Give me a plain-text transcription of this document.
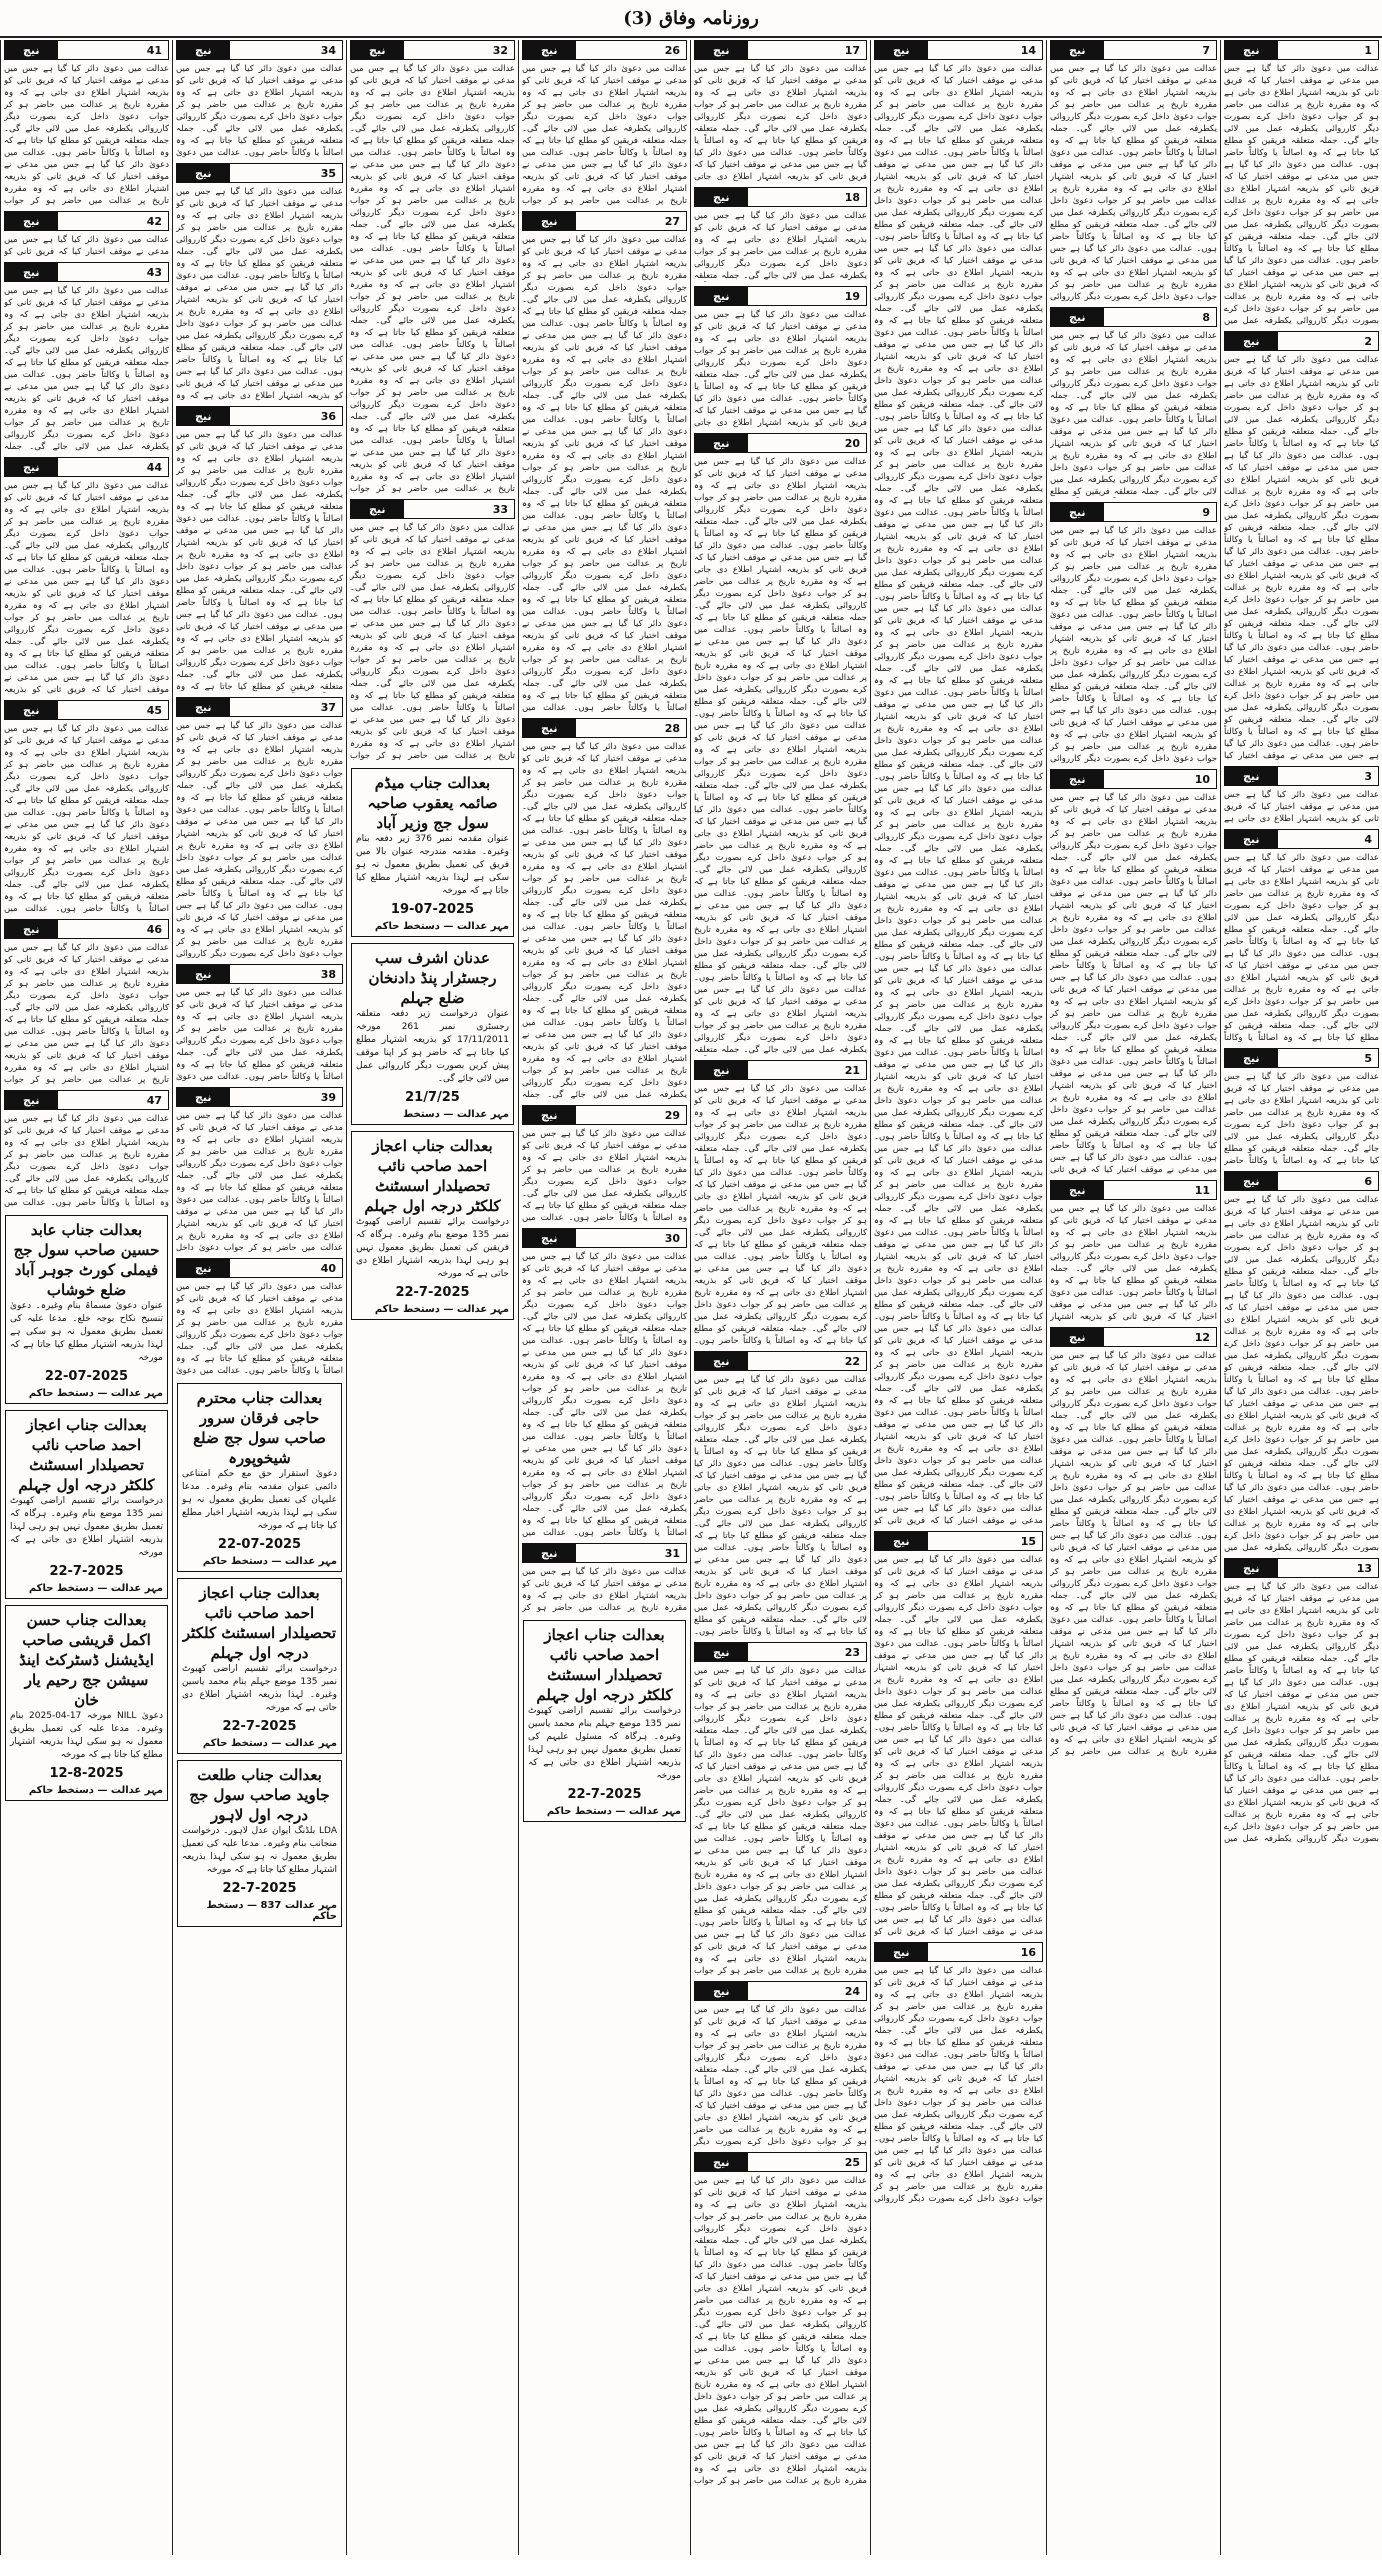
روزنامہ وفاق (3)
1
نیچ

عدالت میں دعویٰ دائر کیا گیا ہے جس میں مدعی نے موقف اختیار کیا کہ فریق ثانی کو بذریعہ اشتہار اطلاع دی جاتی ہے کہ وہ مقررہ تاریخ پر عدالت میں حاضر ہو کر جواب دعویٰ داخل کرے بصورت دیگر کارروائی یکطرفہ عمل میں لائی جائے گی۔ جملہ متعلقہ فریقین کو مطلع کیا جاتا ہے کہ وہ اصالتاً یا وکالتاً حاضر ہوں۔ عدالت میں دعویٰ دائر کیا گیا ہے جس میں مدعی نے موقف اختیار کیا کہ فریق ثانی کو بذریعہ اشتہار اطلاع دی جاتی ہے کہ وہ مقررہ تاریخ پر عدالت میں حاضر ہو کر جواب دعویٰ داخل کرے بصورت دیگر کارروائی یکطرفہ عمل میں لائی جائے گی۔ جملہ متعلقہ فریقین کو مطلع کیا جاتا ہے کہ وہ اصالتاً یا وکالتاً حاضر ہوں۔ عدالت میں دعویٰ دائر کیا گیا ہے جس میں مدعی نے موقف اختیار کیا کہ فریق ثانی کو بذریعہ اشتہار اطلاع دی جاتی ہے کہ وہ مقررہ تاریخ پر عدالت میں حاضر ہو کر جواب دعویٰ داخل کرے بصورت دیگر کارروائی یکطرفہ عمل میں

2
نیچ

عدالت میں دعویٰ دائر کیا گیا ہے جس میں مدعی نے موقف اختیار کیا کہ فریق ثانی کو بذریعہ اشتہار اطلاع دی جاتی ہے کہ وہ مقررہ تاریخ پر عدالت میں حاضر ہو کر جواب دعویٰ داخل کرے بصورت دیگر کارروائی یکطرفہ عمل میں لائی جائے گی۔ جملہ متعلقہ فریقین کو مطلع کیا جاتا ہے کہ وہ اصالتاً یا وکالتاً حاضر ہوں۔ عدالت میں دعویٰ دائر کیا گیا ہے جس میں مدعی نے موقف اختیار کیا کہ فریق ثانی کو بذریعہ اشتہار اطلاع دی جاتی ہے کہ وہ مقررہ تاریخ پر عدالت میں حاضر ہو کر جواب دعویٰ داخل کرے بصورت دیگر کارروائی یکطرفہ عمل میں لائی جائے گی۔ جملہ متعلقہ فریقین کو مطلع کیا جاتا ہے کہ وہ اصالتاً یا وکالتاً حاضر ہوں۔ عدالت میں دعویٰ دائر کیا گیا ہے جس میں مدعی نے موقف اختیار کیا کہ فریق ثانی کو بذریعہ اشتہار اطلاع دی جاتی ہے کہ وہ مقررہ تاریخ پر عدالت میں حاضر ہو کر جواب دعویٰ داخل کرے بصورت دیگر کارروائی یکطرفہ عمل میں لائی جائے گی۔ جملہ متعلقہ فریقین کو مطلع کیا جاتا ہے کہ وہ اصالتاً یا وکالتاً حاضر ہوں۔ عدالت میں دعویٰ دائر کیا گیا ہے جس میں مدعی نے موقف اختیار کیا کہ فریق ثانی کو بذریعہ اشتہار اطلاع دی جاتی ہے کہ وہ مقررہ تاریخ پر عدالت میں حاضر ہو کر جواب دعویٰ داخل کرے بصورت دیگر کارروائی یکطرفہ عمل میں لائی جائے گی۔ جملہ متعلقہ فریقین کو مطلع کیا جاتا ہے کہ وہ اصالتاً یا وکالتاً حاضر ہوں۔ عدالت میں دعویٰ دائر کیا گیا ہے جس میں مدعی نے موقف اختیار کیا

3
نیچ

عدالت میں دعویٰ دائر کیا گیا ہے جس میں مدعی نے موقف اختیار کیا کہ فریق ثانی کو بذریعہ اشتہار اطلاع دی جاتی ہے

4
نیچ

عدالت میں دعویٰ دائر کیا گیا ہے جس میں مدعی نے موقف اختیار کیا کہ فریق ثانی کو بذریعہ اشتہار اطلاع دی جاتی ہے کہ وہ مقررہ تاریخ پر عدالت میں حاضر ہو کر جواب دعویٰ داخل کرے بصورت دیگر کارروائی یکطرفہ عمل میں لائی جائے گی۔ جملہ متعلقہ فریقین کو مطلع کیا جاتا ہے کہ وہ اصالتاً یا وکالتاً حاضر ہوں۔ عدالت میں دعویٰ دائر کیا گیا ہے جس میں مدعی نے موقف اختیار کیا کہ فریق ثانی کو بذریعہ اشتہار اطلاع دی جاتی ہے کہ وہ مقررہ تاریخ پر عدالت میں حاضر ہو کر جواب دعویٰ داخل کرے بصورت دیگر کارروائی یکطرفہ عمل میں لائی جائے گی۔ جملہ متعلقہ فریقین کو مطلع کیا جاتا ہے کہ وہ اصالتاً یا وکالتاً

5
نیچ

عدالت میں دعویٰ دائر کیا گیا ہے جس میں مدعی نے موقف اختیار کیا کہ فریق ثانی کو بذریعہ اشتہار اطلاع دی جاتی ہے کہ وہ مقررہ تاریخ پر عدالت میں حاضر ہو کر جواب دعویٰ داخل کرے بصورت دیگر کارروائی یکطرفہ عمل میں لائی جائے گی۔ جملہ متعلقہ فریقین کو مطلع کیا جاتا ہے کہ وہ اصالتاً یا وکالتاً حاضر

6
نیچ

عدالت میں دعویٰ دائر کیا گیا ہے جس میں مدعی نے موقف اختیار کیا کہ فریق ثانی کو بذریعہ اشتہار اطلاع دی جاتی ہے کہ وہ مقررہ تاریخ پر عدالت میں حاضر ہو کر جواب دعویٰ داخل کرے بصورت دیگر کارروائی یکطرفہ عمل میں لائی جائے گی۔ جملہ متعلقہ فریقین کو مطلع کیا جاتا ہے کہ وہ اصالتاً یا وکالتاً حاضر ہوں۔ عدالت میں دعویٰ دائر کیا گیا ہے جس میں مدعی نے موقف اختیار کیا کہ فریق ثانی کو بذریعہ اشتہار اطلاع دی جاتی ہے کہ وہ مقررہ تاریخ پر عدالت میں حاضر ہو کر جواب دعویٰ داخل کرے بصورت دیگر کارروائی یکطرفہ عمل میں لائی جائے گی۔ جملہ متعلقہ فریقین کو مطلع کیا جاتا ہے کہ وہ اصالتاً یا وکالتاً حاضر ہوں۔ عدالت میں دعویٰ دائر کیا گیا ہے جس میں مدعی نے موقف اختیار کیا کہ فریق ثانی کو بذریعہ اشتہار اطلاع دی جاتی ہے کہ وہ مقررہ تاریخ پر عدالت میں حاضر ہو کر جواب دعویٰ داخل کرے بصورت دیگر کارروائی یکطرفہ عمل میں لائی جائے گی۔ جملہ متعلقہ فریقین کو مطلع کیا جاتا ہے کہ وہ اصالتاً یا وکالتاً حاضر ہوں۔ عدالت میں دعویٰ دائر کیا گیا ہے جس میں مدعی نے موقف اختیار کیا کہ فریق ثانی کو بذریعہ اشتہار اطلاع دی جاتی ہے کہ وہ مقررہ تاریخ پر عدالت میں حاضر ہو کر جواب دعویٰ داخل کرے بصورت دیگر کارروائی یکطرفہ عمل میں

13
نیچ

عدالت میں دعویٰ دائر کیا گیا ہے جس میں مدعی نے موقف اختیار کیا کہ فریق ثانی کو بذریعہ اشتہار اطلاع دی جاتی ہے کہ وہ مقررہ تاریخ پر عدالت میں حاضر ہو کر جواب دعویٰ داخل کرے بصورت دیگر کارروائی یکطرفہ عمل میں لائی جائے گی۔ جملہ متعلقہ فریقین کو مطلع کیا جاتا ہے کہ وہ اصالتاً یا وکالتاً حاضر ہوں۔ عدالت میں دعویٰ دائر کیا گیا ہے جس میں مدعی نے موقف اختیار کیا کہ فریق ثانی کو بذریعہ اشتہار اطلاع دی جاتی ہے کہ وہ مقررہ تاریخ پر عدالت میں حاضر ہو کر جواب دعویٰ داخل کرے بصورت دیگر کارروائی یکطرفہ عمل میں لائی جائے گی۔ جملہ متعلقہ فریقین کو مطلع کیا جاتا ہے کہ وہ اصالتاً یا وکالتاً حاضر ہوں۔ عدالت میں دعویٰ دائر کیا گیا ہے جس میں مدعی نے موقف اختیار کیا کہ فریق ثانی کو بذریعہ اشتہار اطلاع دی جاتی ہے کہ وہ مقررہ تاریخ پر عدالت میں حاضر ہو کر جواب دعویٰ داخل کرے بصورت دیگر کارروائی یکطرفہ عمل میں

7
نیچ

عدالت میں دعویٰ دائر کیا گیا ہے جس میں مدعی نے موقف اختیار کیا کہ فریق ثانی کو بذریعہ اشتہار اطلاع دی جاتی ہے کہ وہ مقررہ تاریخ پر عدالت میں حاضر ہو کر جواب دعویٰ داخل کرے بصورت دیگر کارروائی یکطرفہ عمل میں لائی جائے گی۔ جملہ متعلقہ فریقین کو مطلع کیا جاتا ہے کہ وہ اصالتاً یا وکالتاً حاضر ہوں۔ عدالت میں دعویٰ دائر کیا گیا ہے جس میں مدعی نے موقف اختیار کیا کہ فریق ثانی کو بذریعہ اشتہار اطلاع دی جاتی ہے کہ وہ مقررہ تاریخ پر عدالت میں حاضر ہو کر جواب دعویٰ داخل کرے بصورت دیگر کارروائی یکطرفہ عمل میں لائی جائے گی۔ جملہ متعلقہ فریقین کو مطلع کیا جاتا ہے کہ وہ اصالتاً یا وکالتاً حاضر ہوں۔ عدالت میں دعویٰ دائر کیا گیا ہے جس میں مدعی نے موقف اختیار کیا کہ فریق ثانی کو بذریعہ اشتہار اطلاع دی جاتی ہے کہ وہ مقررہ تاریخ پر عدالت میں حاضر ہو کر جواب دعویٰ داخل کرے بصورت دیگر کارروائی

8
نیچ

عدالت میں دعویٰ دائر کیا گیا ہے جس میں مدعی نے موقف اختیار کیا کہ فریق ثانی کو بذریعہ اشتہار اطلاع دی جاتی ہے کہ وہ مقررہ تاریخ پر عدالت میں حاضر ہو کر جواب دعویٰ داخل کرے بصورت دیگر کارروائی یکطرفہ عمل میں لائی جائے گی۔ جملہ متعلقہ فریقین کو مطلع کیا جاتا ہے کہ وہ اصالتاً یا وکالتاً حاضر ہوں۔ عدالت میں دعویٰ دائر کیا گیا ہے جس میں مدعی نے موقف اختیار کیا کہ فریق ثانی کو بذریعہ اشتہار اطلاع دی جاتی ہے کہ وہ مقررہ تاریخ پر عدالت میں حاضر ہو کر جواب دعویٰ داخل کرے بصورت دیگر کارروائی یکطرفہ عمل میں لائی جائے گی۔ جملہ متعلقہ فریقین کو مطلع

9
نیچ

عدالت میں دعویٰ دائر کیا گیا ہے جس میں مدعی نے موقف اختیار کیا کہ فریق ثانی کو بذریعہ اشتہار اطلاع دی جاتی ہے کہ وہ مقررہ تاریخ پر عدالت میں حاضر ہو کر جواب دعویٰ داخل کرے بصورت دیگر کارروائی یکطرفہ عمل میں لائی جائے گی۔ جملہ متعلقہ فریقین کو مطلع کیا جاتا ہے کہ وہ اصالتاً یا وکالتاً حاضر ہوں۔ عدالت میں دعویٰ دائر کیا گیا ہے جس میں مدعی نے موقف اختیار کیا کہ فریق ثانی کو بذریعہ اشتہار اطلاع دی جاتی ہے کہ وہ مقررہ تاریخ پر عدالت میں حاضر ہو کر جواب دعویٰ داخل کرے بصورت دیگر کارروائی یکطرفہ عمل میں لائی جائے گی۔ جملہ متعلقہ فریقین کو مطلع کیا جاتا ہے کہ وہ اصالتاً یا وکالتاً حاضر ہوں۔ عدالت میں دعویٰ دائر کیا گیا ہے جس میں مدعی نے موقف اختیار کیا کہ فریق ثانی کو بذریعہ اشتہار اطلاع دی جاتی ہے کہ وہ مقررہ تاریخ پر عدالت میں حاضر ہو کر جواب دعویٰ داخل کرے بصورت دیگر کارروائی

10
نیچ

عدالت میں دعویٰ دائر کیا گیا ہے جس میں مدعی نے موقف اختیار کیا کہ فریق ثانی کو بذریعہ اشتہار اطلاع دی جاتی ہے کہ وہ مقررہ تاریخ پر عدالت میں حاضر ہو کر جواب دعویٰ داخل کرے بصورت دیگر کارروائی یکطرفہ عمل میں لائی جائے گی۔ جملہ متعلقہ فریقین کو مطلع کیا جاتا ہے کہ وہ اصالتاً یا وکالتاً حاضر ہوں۔ عدالت میں دعویٰ دائر کیا گیا ہے جس میں مدعی نے موقف اختیار کیا کہ فریق ثانی کو بذریعہ اشتہار اطلاع دی جاتی ہے کہ وہ مقررہ تاریخ پر عدالت میں حاضر ہو کر جواب دعویٰ داخل کرے بصورت دیگر کارروائی یکطرفہ عمل میں لائی جائے گی۔ جملہ متعلقہ فریقین کو مطلع کیا جاتا ہے کہ وہ اصالتاً یا وکالتاً حاضر ہوں۔ عدالت میں دعویٰ دائر کیا گیا ہے جس میں مدعی نے موقف اختیار کیا کہ فریق ثانی کو بذریعہ اشتہار اطلاع دی جاتی ہے کہ وہ مقررہ تاریخ پر عدالت میں حاضر ہو کر جواب دعویٰ داخل کرے بصورت دیگر کارروائی یکطرفہ عمل میں لائی جائے گی۔ جملہ متعلقہ فریقین کو مطلع کیا جاتا ہے کہ وہ اصالتاً یا وکالتاً حاضر ہوں۔ عدالت میں دعویٰ دائر کیا گیا ہے جس میں مدعی نے موقف اختیار کیا کہ فریق ثانی کو بذریعہ اشتہار اطلاع دی جاتی ہے کہ وہ مقررہ تاریخ پر عدالت میں حاضر ہو کر جواب دعویٰ داخل کرے بصورت دیگر کارروائی یکطرفہ عمل میں لائی جائے گی۔ جملہ متعلقہ فریقین کو مطلع کیا جاتا ہے کہ وہ اصالتاً یا وکالتاً حاضر ہوں۔ عدالت میں دعویٰ دائر کیا گیا ہے جس میں مدعی نے موقف اختیار کیا کہ فریق ثانی

11
نیچ

عدالت میں دعویٰ دائر کیا گیا ہے جس میں مدعی نے موقف اختیار کیا کہ فریق ثانی کو بذریعہ اشتہار اطلاع دی جاتی ہے کہ وہ مقررہ تاریخ پر عدالت میں حاضر ہو کر جواب دعویٰ داخل کرے بصورت دیگر کارروائی یکطرفہ عمل میں لائی جائے گی۔ جملہ متعلقہ فریقین کو مطلع کیا جاتا ہے کہ وہ اصالتاً یا وکالتاً حاضر ہوں۔ عدالت میں دعویٰ دائر کیا گیا ہے جس میں مدعی نے موقف اختیار کیا کہ فریق ثانی کو بذریعہ اشتہار

12
نیچ

عدالت میں دعویٰ دائر کیا گیا ہے جس میں مدعی نے موقف اختیار کیا کہ فریق ثانی کو بذریعہ اشتہار اطلاع دی جاتی ہے کہ وہ مقررہ تاریخ پر عدالت میں حاضر ہو کر جواب دعویٰ داخل کرے بصورت دیگر کارروائی یکطرفہ عمل میں لائی جائے گی۔ جملہ متعلقہ فریقین کو مطلع کیا جاتا ہے کہ وہ اصالتاً یا وکالتاً حاضر ہوں۔ عدالت میں دعویٰ دائر کیا گیا ہے جس میں مدعی نے موقف اختیار کیا کہ فریق ثانی کو بذریعہ اشتہار اطلاع دی جاتی ہے کہ وہ مقررہ تاریخ پر عدالت میں حاضر ہو کر جواب دعویٰ داخل کرے بصورت دیگر کارروائی یکطرفہ عمل میں لائی جائے گی۔ جملہ متعلقہ فریقین کو مطلع کیا جاتا ہے کہ وہ اصالتاً یا وکالتاً حاضر ہوں۔ عدالت میں دعویٰ دائر کیا گیا ہے جس میں مدعی نے موقف اختیار کیا کہ فریق ثانی کو بذریعہ اشتہار اطلاع دی جاتی ہے کہ وہ مقررہ تاریخ پر عدالت میں حاضر ہو کر جواب دعویٰ داخل کرے بصورت دیگر کارروائی یکطرفہ عمل میں لائی جائے گی۔ جملہ متعلقہ فریقین کو مطلع کیا جاتا ہے کہ وہ اصالتاً یا وکالتاً حاضر ہوں۔ عدالت میں دعویٰ دائر کیا گیا ہے جس میں مدعی نے موقف اختیار کیا کہ فریق ثانی کو بذریعہ اشتہار اطلاع دی جاتی ہے کہ وہ مقررہ تاریخ پر عدالت میں حاضر ہو کر جواب دعویٰ داخل کرے بصورت دیگر کارروائی یکطرفہ عمل میں لائی جائے گی۔ جملہ متعلقہ فریقین کو مطلع کیا جاتا ہے کہ وہ اصالتاً یا وکالتاً حاضر ہوں۔ عدالت میں دعویٰ دائر کیا گیا ہے جس میں مدعی نے موقف اختیار کیا کہ فریق ثانی کو بذریعہ اشتہار اطلاع دی جاتی ہے کہ وہ مقررہ تاریخ پر عدالت میں حاضر ہو کر

14
نیچ

عدالت میں دعویٰ دائر کیا گیا ہے جس میں مدعی نے موقف اختیار کیا کہ فریق ثانی کو بذریعہ اشتہار اطلاع دی جاتی ہے کہ وہ مقررہ تاریخ پر عدالت میں حاضر ہو کر جواب دعویٰ داخل کرے بصورت دیگر کارروائی یکطرفہ عمل میں لائی جائے گی۔ جملہ متعلقہ فریقین کو مطلع کیا جاتا ہے کہ وہ اصالتاً یا وکالتاً حاضر ہوں۔ عدالت میں دعویٰ دائر کیا گیا ہے جس میں مدعی نے موقف اختیار کیا کہ فریق ثانی کو بذریعہ اشتہار اطلاع دی جاتی ہے کہ وہ مقررہ تاریخ پر عدالت میں حاضر ہو کر جواب دعویٰ داخل کرے بصورت دیگر کارروائی یکطرفہ عمل میں لائی جائے گی۔ جملہ متعلقہ فریقین کو مطلع کیا جاتا ہے کہ وہ اصالتاً یا وکالتاً حاضر ہوں۔ عدالت میں دعویٰ دائر کیا گیا ہے جس میں مدعی نے موقف اختیار کیا کہ فریق ثانی کو بذریعہ اشتہار اطلاع دی جاتی ہے کہ وہ مقررہ تاریخ پر عدالت میں حاضر ہو کر جواب دعویٰ داخل کرے بصورت دیگر کارروائی یکطرفہ عمل میں لائی جائے گی۔ جملہ متعلقہ فریقین کو مطلع کیا جاتا ہے کہ وہ اصالتاً یا وکالتاً حاضر ہوں۔ عدالت میں دعویٰ دائر کیا گیا ہے جس میں مدعی نے موقف اختیار کیا کہ فریق ثانی کو بذریعہ اشتہار اطلاع دی جاتی ہے کہ وہ مقررہ تاریخ پر عدالت میں حاضر ہو کر جواب دعویٰ داخل کرے بصورت دیگر کارروائی یکطرفہ عمل میں لائی جائے گی۔ جملہ متعلقہ فریقین کو مطلع کیا جاتا ہے کہ وہ اصالتاً یا وکالتاً حاضر ہوں۔ عدالت میں دعویٰ دائر کیا گیا ہے جس میں مدعی نے موقف اختیار کیا کہ فریق ثانی کو بذریعہ اشتہار اطلاع دی جاتی ہے کہ وہ مقررہ تاریخ پر عدالت میں حاضر ہو کر جواب دعویٰ داخل کرے بصورت دیگر کارروائی یکطرفہ عمل میں لائی جائے گی۔ جملہ متعلقہ فریقین کو مطلع کیا جاتا ہے کہ وہ اصالتاً یا وکالتاً حاضر ہوں۔ عدالت میں دعویٰ دائر کیا گیا ہے جس میں مدعی نے موقف اختیار کیا کہ فریق ثانی کو بذریعہ اشتہار اطلاع دی جاتی ہے کہ وہ مقررہ تاریخ پر عدالت میں حاضر ہو کر جواب دعویٰ داخل کرے بصورت دیگر کارروائی یکطرفہ عمل میں لائی جائے گی۔ جملہ متعلقہ فریقین کو مطلع کیا جاتا ہے کہ وہ اصالتاً یا وکالتاً حاضر ہوں۔ عدالت میں دعویٰ دائر کیا گیا ہے جس میں مدعی نے موقف اختیار کیا کہ فریق ثانی کو بذریعہ اشتہار اطلاع دی جاتی ہے کہ وہ مقررہ تاریخ پر عدالت میں حاضر ہو کر جواب دعویٰ داخل کرے بصورت دیگر کارروائی یکطرفہ عمل میں لائی جائے گی۔ جملہ متعلقہ فریقین کو مطلع کیا جاتا ہے کہ وہ اصالتاً یا وکالتاً حاضر ہوں۔ عدالت میں دعویٰ دائر کیا گیا ہے جس میں مدعی نے موقف اختیار کیا کہ فریق ثانی کو بذریعہ اشتہار اطلاع دی جاتی ہے کہ وہ مقررہ تاریخ پر عدالت میں حاضر ہو کر جواب دعویٰ داخل کرے بصورت دیگر کارروائی یکطرفہ عمل میں لائی جائے گی۔ جملہ متعلقہ فریقین کو مطلع کیا جاتا ہے کہ وہ اصالتاً یا وکالتاً حاضر ہوں۔ عدالت میں دعویٰ دائر کیا گیا ہے جس میں مدعی نے موقف اختیار کیا کہ فریق ثانی کو بذریعہ اشتہار اطلاع دی جاتی ہے کہ وہ مقررہ تاریخ پر عدالت میں حاضر ہو کر جواب دعویٰ داخل کرے بصورت دیگر کارروائی یکطرفہ عمل میں لائی جائے گی۔ جملہ متعلقہ فریقین کو مطلع کیا جاتا ہے کہ وہ اصالتاً یا وکالتاً حاضر ہوں۔ عدالت میں دعویٰ دائر کیا گیا ہے جس میں مدعی نے موقف اختیار کیا کہ فریق ثانی کو بذریعہ اشتہار اطلاع دی جاتی ہے کہ وہ مقررہ تاریخ پر عدالت میں حاضر ہو کر جواب دعویٰ داخل کرے بصورت دیگر کارروائی یکطرفہ عمل میں لائی جائے گی۔ جملہ متعلقہ فریقین کو مطلع کیا جاتا ہے کہ وہ اصالتاً یا وکالتاً حاضر ہوں۔ عدالت میں دعویٰ دائر کیا گیا ہے جس میں مدعی نے موقف اختیار کیا کہ فریق ثانی کو بذریعہ اشتہار اطلاع دی جاتی ہے کہ وہ مقررہ تاریخ پر عدالت میں حاضر ہو کر جواب دعویٰ داخل کرے بصورت دیگر کارروائی یکطرفہ عمل میں لائی جائے گی۔ جملہ متعلقہ فریقین کو مطلع کیا جاتا ہے کہ وہ اصالتاً یا وکالتاً حاضر ہوں۔ عدالت میں دعویٰ دائر کیا گیا ہے جس میں مدعی نے موقف اختیار کیا کہ فریق ثانی کو بذریعہ اشتہار اطلاع دی جاتی ہے کہ وہ مقررہ تاریخ پر عدالت میں حاضر ہو کر جواب دعویٰ داخل کرے بصورت دیگر کارروائی یکطرفہ عمل میں لائی جائے گی۔ جملہ متعلقہ فریقین کو مطلع کیا جاتا ہے کہ وہ اصالتاً یا وکالتاً حاضر ہوں۔ عدالت میں دعویٰ دائر کیا گیا ہے جس میں مدعی نے موقف اختیار کیا کہ فریق ثانی کو بذریعہ اشتہار اطلاع دی جاتی ہے کہ وہ مقررہ تاریخ پر عدالت میں حاضر ہو کر جواب دعویٰ داخل کرے بصورت دیگر کارروائی یکطرفہ عمل میں لائی جائے گی۔ جملہ متعلقہ فریقین کو مطلع کیا جاتا ہے کہ وہ اصالتاً یا وکالتاً حاضر ہوں۔ عدالت میں دعویٰ دائر کیا گیا ہے جس میں مدعی نے موقف اختیار کیا کہ فریق ثانی کو بذریعہ اشتہار اطلاع دی جاتی ہے کہ وہ مقررہ تاریخ پر عدالت میں حاضر ہو کر جواب دعویٰ داخل کرے بصورت دیگر کارروائی یکطرفہ عمل میں لائی جائے گی۔ جملہ متعلقہ فریقین کو مطلع کیا جاتا ہے کہ وہ اصالتاً یا وکالتاً حاضر ہوں۔ عدالت میں دعویٰ دائر کیا گیا ہے جس میں مدعی نے موقف اختیار کیا کہ فریق ثانی کو بذریعہ اشتہار اطلاع دی جاتی ہے کہ وہ مقررہ تاریخ پر عدالت میں حاضر ہو کر جواب دعویٰ داخل کرے بصورت دیگر کارروائی یکطرفہ عمل میں لائی جائے گی۔ جملہ متعلقہ فریقین کو مطلع کیا جاتا ہے کہ وہ اصالتاً یا وکالتاً حاضر ہوں۔ عدالت میں دعویٰ دائر کیا گیا ہے جس میں مدعی نے موقف اختیار کیا کہ فریق ثانی کو بذریعہ اشتہار اطلاع دی جاتی ہے کہ وہ مقررہ تاریخ پر عدالت میں حاضر ہو کر جواب دعویٰ داخل کرے بصورت دیگر کارروائی یکطرفہ عمل میں لائی جائے گی۔ جملہ متعلقہ فریقین کو مطلع کیا جاتا ہے کہ وہ اصالتاً یا وکالتاً حاضر ہوں۔ عدالت میں دعویٰ دائر کیا گیا ہے جس میں مدعی نے موقف اختیار کیا کہ فریق ثانی کو

15
نیچ

عدالت میں دعویٰ دائر کیا گیا ہے جس میں مدعی نے موقف اختیار کیا کہ فریق ثانی کو بذریعہ اشتہار اطلاع دی جاتی ہے کہ وہ مقررہ تاریخ پر عدالت میں حاضر ہو کر جواب دعویٰ داخل کرے بصورت دیگر کارروائی یکطرفہ عمل میں لائی جائے گی۔ جملہ متعلقہ فریقین کو مطلع کیا جاتا ہے کہ وہ اصالتاً یا وکالتاً حاضر ہوں۔ عدالت میں دعویٰ دائر کیا گیا ہے جس میں مدعی نے موقف اختیار کیا کہ فریق ثانی کو بذریعہ اشتہار اطلاع دی جاتی ہے کہ وہ مقررہ تاریخ پر عدالت میں حاضر ہو کر جواب دعویٰ داخل کرے بصورت دیگر کارروائی یکطرفہ عمل میں لائی جائے گی۔ جملہ متعلقہ فریقین کو مطلع کیا جاتا ہے کہ وہ اصالتاً یا وکالتاً حاضر ہوں۔ عدالت میں دعویٰ دائر کیا گیا ہے جس میں مدعی نے موقف اختیار کیا کہ فریق ثانی کو بذریعہ اشتہار اطلاع دی جاتی ہے کہ وہ مقررہ تاریخ پر عدالت میں حاضر ہو کر جواب دعویٰ داخل کرے بصورت دیگر کارروائی یکطرفہ عمل میں لائی جائے گی۔ جملہ متعلقہ فریقین کو مطلع کیا جاتا ہے کہ وہ اصالتاً یا وکالتاً حاضر ہوں۔ عدالت میں دعویٰ دائر کیا گیا ہے جس میں مدعی نے موقف اختیار کیا کہ فریق ثانی کو بذریعہ اشتہار اطلاع دی جاتی ہے کہ وہ مقررہ تاریخ پر عدالت میں حاضر ہو کر جواب دعویٰ داخل کرے بصورت دیگر کارروائی یکطرفہ عمل میں لائی جائے گی۔ جملہ متعلقہ فریقین کو مطلع کیا جاتا ہے کہ وہ اصالتاً یا وکالتاً حاضر ہوں۔ عدالت میں دعویٰ دائر کیا گیا ہے جس میں مدعی نے موقف اختیار کیا کہ فریق ثانی کو

16
نیچ

عدالت میں دعویٰ دائر کیا گیا ہے جس میں مدعی نے موقف اختیار کیا کہ فریق ثانی کو بذریعہ اشتہار اطلاع دی جاتی ہے کہ وہ مقررہ تاریخ پر عدالت میں حاضر ہو کر جواب دعویٰ داخل کرے بصورت دیگر کارروائی یکطرفہ عمل میں لائی جائے گی۔ جملہ متعلقہ فریقین کو مطلع کیا جاتا ہے کہ وہ اصالتاً یا وکالتاً حاضر ہوں۔ عدالت میں دعویٰ دائر کیا گیا ہے جس میں مدعی نے موقف اختیار کیا کہ فریق ثانی کو بذریعہ اشتہار اطلاع دی جاتی ہے کہ وہ مقررہ تاریخ پر عدالت میں حاضر ہو کر جواب دعویٰ داخل کرے بصورت دیگر کارروائی یکطرفہ عمل میں لائی جائے گی۔ جملہ متعلقہ فریقین کو مطلع کیا جاتا ہے کہ وہ اصالتاً یا وکالتاً حاضر ہوں۔ عدالت میں دعویٰ دائر کیا گیا ہے جس میں مدعی نے موقف اختیار کیا کہ فریق ثانی کو بذریعہ اشتہار اطلاع دی جاتی ہے کہ وہ مقررہ تاریخ پر عدالت میں حاضر ہو کر جواب دعویٰ داخل کرے بصورت دیگر کارروائی

17
نیچ

عدالت میں دعویٰ دائر کیا گیا ہے جس میں مدعی نے موقف اختیار کیا کہ فریق ثانی کو بذریعہ اشتہار اطلاع دی جاتی ہے کہ وہ مقررہ تاریخ پر عدالت میں حاضر ہو کر جواب دعویٰ داخل کرے بصورت دیگر کارروائی یکطرفہ عمل میں لائی جائے گی۔ جملہ متعلقہ فریقین کو مطلع کیا جاتا ہے کہ وہ اصالتاً یا وکالتاً حاضر ہوں۔ عدالت میں دعویٰ دائر کیا گیا ہے جس میں مدعی نے موقف اختیار کیا کہ فریق ثانی کو بذریعہ اشتہار اطلاع دی جاتی

18
نیچ

عدالت میں دعویٰ دائر کیا گیا ہے جس میں مدعی نے موقف اختیار کیا کہ فریق ثانی کو بذریعہ اشتہار اطلاع دی جاتی ہے کہ وہ مقررہ تاریخ پر عدالت میں حاضر ہو کر جواب دعویٰ داخل کرے بصورت دیگر کارروائی یکطرفہ عمل میں لائی جائے گی۔ جملہ متعلقہ

19
نیچ

عدالت میں دعویٰ دائر کیا گیا ہے جس میں مدعی نے موقف اختیار کیا کہ فریق ثانی کو بذریعہ اشتہار اطلاع دی جاتی ہے کہ وہ مقررہ تاریخ پر عدالت میں حاضر ہو کر جواب دعویٰ داخل کرے بصورت دیگر کارروائی یکطرفہ عمل میں لائی جائے گی۔ جملہ متعلقہ فریقین کو مطلع کیا جاتا ہے کہ وہ اصالتاً یا وکالتاً حاضر ہوں۔ عدالت میں دعویٰ دائر کیا گیا ہے جس میں مدعی نے موقف اختیار کیا کہ فریق ثانی کو بذریعہ اشتہار اطلاع دی جاتی

20
نیچ

عدالت میں دعویٰ دائر کیا گیا ہے جس میں مدعی نے موقف اختیار کیا کہ فریق ثانی کو بذریعہ اشتہار اطلاع دی جاتی ہے کہ وہ مقررہ تاریخ پر عدالت میں حاضر ہو کر جواب دعویٰ داخل کرے بصورت دیگر کارروائی یکطرفہ عمل میں لائی جائے گی۔ جملہ متعلقہ فریقین کو مطلع کیا جاتا ہے کہ وہ اصالتاً یا وکالتاً حاضر ہوں۔ عدالت میں دعویٰ دائر کیا گیا ہے جس میں مدعی نے موقف اختیار کیا کہ فریق ثانی کو بذریعہ اشتہار اطلاع دی جاتی ہے کہ وہ مقررہ تاریخ پر عدالت میں حاضر ہو کر جواب دعویٰ داخل کرے بصورت دیگر کارروائی یکطرفہ عمل میں لائی جائے گی۔ جملہ متعلقہ فریقین کو مطلع کیا جاتا ہے کہ وہ اصالتاً یا وکالتاً حاضر ہوں۔ عدالت میں دعویٰ دائر کیا گیا ہے جس میں مدعی نے موقف اختیار کیا کہ فریق ثانی کو بذریعہ اشتہار اطلاع دی جاتی ہے کہ وہ مقررہ تاریخ پر عدالت میں حاضر ہو کر جواب دعویٰ داخل کرے بصورت دیگر کارروائی یکطرفہ عمل میں لائی جائے گی۔ جملہ متعلقہ فریقین کو مطلع کیا جاتا ہے کہ وہ اصالتاً یا وکالتاً حاضر ہوں۔ عدالت میں دعویٰ دائر کیا گیا ہے جس میں مدعی نے موقف اختیار کیا کہ فریق ثانی کو بذریعہ اشتہار اطلاع دی جاتی ہے کہ وہ مقررہ تاریخ پر عدالت میں حاضر ہو کر جواب دعویٰ داخل کرے بصورت دیگر کارروائی یکطرفہ عمل میں لائی جائے گی۔ جملہ متعلقہ فریقین کو مطلع کیا جاتا ہے کہ وہ اصالتاً یا وکالتاً حاضر ہوں۔ عدالت میں دعویٰ دائر کیا گیا ہے جس میں مدعی نے موقف اختیار کیا کہ فریق ثانی کو بذریعہ اشتہار اطلاع دی جاتی ہے کہ وہ مقررہ تاریخ پر عدالت میں حاضر ہو کر جواب دعویٰ داخل کرے بصورت دیگر کارروائی یکطرفہ عمل میں لائی جائے گی۔ جملہ متعلقہ فریقین کو مطلع کیا جاتا ہے کہ وہ اصالتاً یا وکالتاً حاضر ہوں۔ عدالت میں دعویٰ دائر کیا گیا ہے جس میں مدعی نے موقف اختیار کیا کہ فریق ثانی کو بذریعہ اشتہار اطلاع دی جاتی ہے کہ وہ مقررہ تاریخ پر عدالت میں حاضر ہو کر جواب دعویٰ داخل کرے بصورت دیگر کارروائی یکطرفہ عمل میں لائی جائے گی۔ جملہ متعلقہ فریقین کو مطلع کیا جاتا ہے کہ وہ اصالتاً یا وکالتاً حاضر ہوں۔ عدالت میں دعویٰ دائر کیا گیا ہے جس میں مدعی نے موقف اختیار کیا کہ فریق ثانی کو بذریعہ اشتہار اطلاع دی جاتی ہے کہ وہ مقررہ تاریخ پر عدالت میں حاضر ہو کر جواب دعویٰ داخل کرے بصورت دیگر کارروائی یکطرفہ عمل میں لائی جائے گی۔ جملہ متعلقہ

21
نیچ

عدالت میں دعویٰ دائر کیا گیا ہے جس میں مدعی نے موقف اختیار کیا کہ فریق ثانی کو بذریعہ اشتہار اطلاع دی جاتی ہے کہ وہ مقررہ تاریخ پر عدالت میں حاضر ہو کر جواب دعویٰ داخل کرے بصورت دیگر کارروائی یکطرفہ عمل میں لائی جائے گی۔ جملہ متعلقہ فریقین کو مطلع کیا جاتا ہے کہ وہ اصالتاً یا وکالتاً حاضر ہوں۔ عدالت میں دعویٰ دائر کیا گیا ہے جس میں مدعی نے موقف اختیار کیا کہ فریق ثانی کو بذریعہ اشتہار اطلاع دی جاتی ہے کہ وہ مقررہ تاریخ پر عدالت میں حاضر ہو کر جواب دعویٰ داخل کرے بصورت دیگر کارروائی یکطرفہ عمل میں لائی جائے گی۔ جملہ متعلقہ فریقین کو مطلع کیا جاتا ہے کہ وہ اصالتاً یا وکالتاً حاضر ہوں۔ عدالت میں دعویٰ دائر کیا گیا ہے جس میں مدعی نے موقف اختیار کیا کہ فریق ثانی کو بذریعہ اشتہار اطلاع دی جاتی ہے کہ وہ مقررہ تاریخ پر عدالت میں حاضر ہو کر جواب دعویٰ داخل کرے بصورت دیگر کارروائی یکطرفہ عمل میں لائی جائے گی۔ جملہ متعلقہ فریقین کو مطلع کیا جاتا ہے کہ وہ اصالتاً یا وکالتاً حاضر ہوں۔

22
نیچ

عدالت میں دعویٰ دائر کیا گیا ہے جس میں مدعی نے موقف اختیار کیا کہ فریق ثانی کو بذریعہ اشتہار اطلاع دی جاتی ہے کہ وہ مقررہ تاریخ پر عدالت میں حاضر ہو کر جواب دعویٰ داخل کرے بصورت دیگر کارروائی یکطرفہ عمل میں لائی جائے گی۔ جملہ متعلقہ فریقین کو مطلع کیا جاتا ہے کہ وہ اصالتاً یا وکالتاً حاضر ہوں۔ عدالت میں دعویٰ دائر کیا گیا ہے جس میں مدعی نے موقف اختیار کیا کہ فریق ثانی کو بذریعہ اشتہار اطلاع دی جاتی ہے کہ وہ مقررہ تاریخ پر عدالت میں حاضر ہو کر جواب دعویٰ داخل کرے بصورت دیگر کارروائی یکطرفہ عمل میں لائی جائے گی۔ جملہ متعلقہ فریقین کو مطلع کیا جاتا ہے کہ وہ اصالتاً یا وکالتاً حاضر ہوں۔ عدالت میں دعویٰ دائر کیا گیا ہے جس میں مدعی نے موقف اختیار کیا کہ فریق ثانی کو بذریعہ اشتہار اطلاع دی جاتی ہے کہ وہ مقررہ تاریخ پر عدالت میں حاضر ہو کر جواب دعویٰ داخل کرے بصورت دیگر کارروائی یکطرفہ عمل میں لائی جائے گی۔ جملہ متعلقہ فریقین کو مطلع کیا جاتا ہے کہ وہ اصالتاً یا وکالتاً حاضر ہوں۔

23
نیچ

عدالت میں دعویٰ دائر کیا گیا ہے جس میں مدعی نے موقف اختیار کیا کہ فریق ثانی کو بذریعہ اشتہار اطلاع دی جاتی ہے کہ وہ مقررہ تاریخ پر عدالت میں حاضر ہو کر جواب دعویٰ داخل کرے بصورت دیگر کارروائی یکطرفہ عمل میں لائی جائے گی۔ جملہ متعلقہ فریقین کو مطلع کیا جاتا ہے کہ وہ اصالتاً یا وکالتاً حاضر ہوں۔ عدالت میں دعویٰ دائر کیا گیا ہے جس میں مدعی نے موقف اختیار کیا کہ فریق ثانی کو بذریعہ اشتہار اطلاع دی جاتی ہے کہ وہ مقررہ تاریخ پر عدالت میں حاضر ہو کر جواب دعویٰ داخل کرے بصورت دیگر کارروائی یکطرفہ عمل میں لائی جائے گی۔ جملہ متعلقہ فریقین کو مطلع کیا جاتا ہے کہ وہ اصالتاً یا وکالتاً حاضر ہوں۔ عدالت میں دعویٰ دائر کیا گیا ہے جس میں مدعی نے موقف اختیار کیا کہ فریق ثانی کو بذریعہ اشتہار اطلاع دی جاتی ہے کہ وہ مقررہ تاریخ پر عدالت میں حاضر ہو کر جواب دعویٰ داخل کرے بصورت دیگر کارروائی یکطرفہ عمل میں لائی جائے گی۔ جملہ متعلقہ فریقین کو مطلع کیا جاتا ہے کہ وہ اصالتاً یا وکالتاً حاضر ہوں۔ عدالت میں دعویٰ دائر کیا گیا ہے جس میں مدعی نے موقف اختیار کیا کہ فریق ثانی کو بذریعہ اشتہار اطلاع دی جاتی ہے کہ وہ مقررہ تاریخ پر عدالت میں حاضر ہو کر جواب

24
نیچ

عدالت میں دعویٰ دائر کیا گیا ہے جس میں مدعی نے موقف اختیار کیا کہ فریق ثانی کو بذریعہ اشتہار اطلاع دی جاتی ہے کہ وہ مقررہ تاریخ پر عدالت میں حاضر ہو کر جواب دعویٰ داخل کرے بصورت دیگر کارروائی یکطرفہ عمل میں لائی جائے گی۔ جملہ متعلقہ فریقین کو مطلع کیا جاتا ہے کہ وہ اصالتاً یا وکالتاً حاضر ہوں۔ عدالت میں دعویٰ دائر کیا گیا ہے جس میں مدعی نے موقف اختیار کیا کہ فریق ثانی کو بذریعہ اشتہار اطلاع دی جاتی ہے کہ وہ مقررہ تاریخ پر عدالت میں حاضر ہو کر جواب دعویٰ داخل کرے بصورت دیگر

25
نیچ

عدالت میں دعویٰ دائر کیا گیا ہے جس میں مدعی نے موقف اختیار کیا کہ فریق ثانی کو بذریعہ اشتہار اطلاع دی جاتی ہے کہ وہ مقررہ تاریخ پر عدالت میں حاضر ہو کر جواب دعویٰ داخل کرے بصورت دیگر کارروائی یکطرفہ عمل میں لائی جائے گی۔ جملہ متعلقہ فریقین کو مطلع کیا جاتا ہے کہ وہ اصالتاً یا وکالتاً حاضر ہوں۔ عدالت میں دعویٰ دائر کیا گیا ہے جس میں مدعی نے موقف اختیار کیا کہ فریق ثانی کو بذریعہ اشتہار اطلاع دی جاتی ہے کہ وہ مقررہ تاریخ پر عدالت میں حاضر ہو کر جواب دعویٰ داخل کرے بصورت دیگر کارروائی یکطرفہ عمل میں لائی جائے گی۔ جملہ متعلقہ فریقین کو مطلع کیا جاتا ہے کہ وہ اصالتاً یا وکالتاً حاضر ہوں۔ عدالت میں دعویٰ دائر کیا گیا ہے جس میں مدعی نے موقف اختیار کیا کہ فریق ثانی کو بذریعہ اشتہار اطلاع دی جاتی ہے کہ وہ مقررہ تاریخ پر عدالت میں حاضر ہو کر جواب دعویٰ داخل کرے بصورت دیگر کارروائی یکطرفہ عمل میں لائی جائے گی۔ جملہ متعلقہ فریقین کو مطلع کیا جاتا ہے کہ وہ اصالتاً یا وکالتاً حاضر ہوں۔ عدالت میں دعویٰ دائر کیا گیا ہے جس میں مدعی نے موقف اختیار کیا کہ فریق ثانی کو بذریعہ اشتہار اطلاع دی جاتی ہے کہ وہ مقررہ تاریخ پر عدالت میں حاضر ہو کر جواب

26
نیچ

عدالت میں دعویٰ دائر کیا گیا ہے جس میں مدعی نے موقف اختیار کیا کہ فریق ثانی کو بذریعہ اشتہار اطلاع دی جاتی ہے کہ وہ مقررہ تاریخ پر عدالت میں حاضر ہو کر جواب دعویٰ داخل کرے بصورت دیگر کارروائی یکطرفہ عمل میں لائی جائے گی۔ جملہ متعلقہ فریقین کو مطلع کیا جاتا ہے کہ وہ اصالتاً یا وکالتاً حاضر ہوں۔ عدالت میں دعویٰ دائر کیا گیا ہے جس میں مدعی نے موقف اختیار کیا کہ فریق ثانی کو بذریعہ اشتہار اطلاع دی جاتی ہے کہ وہ مقررہ تاریخ پر عدالت میں حاضر ہو کر جواب

27
نیچ

عدالت میں دعویٰ دائر کیا گیا ہے جس میں مدعی نے موقف اختیار کیا کہ فریق ثانی کو بذریعہ اشتہار اطلاع دی جاتی ہے کہ وہ مقررہ تاریخ پر عدالت میں حاضر ہو کر جواب دعویٰ داخل کرے بصورت دیگر کارروائی یکطرفہ عمل میں لائی جائے گی۔ جملہ متعلقہ فریقین کو مطلع کیا جاتا ہے کہ وہ اصالتاً یا وکالتاً حاضر ہوں۔ عدالت میں دعویٰ دائر کیا گیا ہے جس میں مدعی نے موقف اختیار کیا کہ فریق ثانی کو بذریعہ اشتہار اطلاع دی جاتی ہے کہ وہ مقررہ تاریخ پر عدالت میں حاضر ہو کر جواب دعویٰ داخل کرے بصورت دیگر کارروائی یکطرفہ عمل میں لائی جائے گی۔ جملہ متعلقہ فریقین کو مطلع کیا جاتا ہے کہ وہ اصالتاً یا وکالتاً حاضر ہوں۔ عدالت میں دعویٰ دائر کیا گیا ہے جس میں مدعی نے موقف اختیار کیا کہ فریق ثانی کو بذریعہ اشتہار اطلاع دی جاتی ہے کہ وہ مقررہ تاریخ پر عدالت میں حاضر ہو کر جواب دعویٰ داخل کرے بصورت دیگر کارروائی یکطرفہ عمل میں لائی جائے گی۔ جملہ متعلقہ فریقین کو مطلع کیا جاتا ہے کہ وہ اصالتاً یا وکالتاً حاضر ہوں۔ عدالت میں دعویٰ دائر کیا گیا ہے جس میں مدعی نے موقف اختیار کیا کہ فریق ثانی کو بذریعہ اشتہار اطلاع دی جاتی ہے کہ وہ مقررہ تاریخ پر عدالت میں حاضر ہو کر جواب دعویٰ داخل کرے بصورت دیگر کارروائی یکطرفہ عمل میں لائی جائے گی۔ جملہ متعلقہ فریقین کو مطلع کیا جاتا ہے کہ وہ اصالتاً یا وکالتاً حاضر ہوں۔ عدالت میں دعویٰ دائر کیا گیا ہے جس میں مدعی نے موقف اختیار کیا کہ فریق ثانی کو بذریعہ اشتہار اطلاع دی جاتی ہے کہ وہ مقررہ تاریخ پر عدالت میں حاضر ہو کر جواب دعویٰ داخل کرے بصورت دیگر کارروائی یکطرفہ عمل میں لائی جائے گی۔ جملہ متعلقہ فریقین کو مطلع کیا جاتا ہے کہ وہ اصالتاً یا وکالتاً حاضر ہوں۔ عدالت میں

28
نیچ

عدالت میں دعویٰ دائر کیا گیا ہے جس میں مدعی نے موقف اختیار کیا کہ فریق ثانی کو بذریعہ اشتہار اطلاع دی جاتی ہے کہ وہ مقررہ تاریخ پر عدالت میں حاضر ہو کر جواب دعویٰ داخل کرے بصورت دیگر کارروائی یکطرفہ عمل میں لائی جائے گی۔ جملہ متعلقہ فریقین کو مطلع کیا جاتا ہے کہ وہ اصالتاً یا وکالتاً حاضر ہوں۔ عدالت میں دعویٰ دائر کیا گیا ہے جس میں مدعی نے موقف اختیار کیا کہ فریق ثانی کو بذریعہ اشتہار اطلاع دی جاتی ہے کہ وہ مقررہ تاریخ پر عدالت میں حاضر ہو کر جواب دعویٰ داخل کرے بصورت دیگر کارروائی یکطرفہ عمل میں لائی جائے گی۔ جملہ متعلقہ فریقین کو مطلع کیا جاتا ہے کہ وہ اصالتاً یا وکالتاً حاضر ہوں۔ عدالت میں دعویٰ دائر کیا گیا ہے جس میں مدعی نے موقف اختیار کیا کہ فریق ثانی کو بذریعہ اشتہار اطلاع دی جاتی ہے کہ وہ مقررہ تاریخ پر عدالت میں حاضر ہو کر جواب دعویٰ داخل کرے بصورت دیگر کارروائی یکطرفہ عمل میں لائی جائے گی۔ جملہ متعلقہ فریقین کو مطلع کیا جاتا ہے کہ وہ اصالتاً یا وکالتاً حاضر ہوں۔ عدالت میں دعویٰ دائر کیا گیا ہے جس میں مدعی نے موقف اختیار کیا کہ فریق ثانی کو بذریعہ اشتہار اطلاع دی جاتی ہے کہ وہ مقررہ تاریخ پر عدالت میں حاضر ہو کر جواب دعویٰ داخل کرے بصورت دیگر کارروائی یکطرفہ عمل میں لائی جائے گی۔ جملہ

29
نیچ

عدالت میں دعویٰ دائر کیا گیا ہے جس میں مدعی نے موقف اختیار کیا کہ فریق ثانی کو بذریعہ اشتہار اطلاع دی جاتی ہے کہ وہ مقررہ تاریخ پر عدالت میں حاضر ہو کر جواب دعویٰ داخل کرے بصورت دیگر کارروائی یکطرفہ عمل میں لائی جائے گی۔ جملہ متعلقہ فریقین کو مطلع کیا جاتا ہے کہ وہ اصالتاً یا وکالتاً حاضر ہوں۔ عدالت میں

30
نیچ

عدالت میں دعویٰ دائر کیا گیا ہے جس میں مدعی نے موقف اختیار کیا کہ فریق ثانی کو بذریعہ اشتہار اطلاع دی جاتی ہے کہ وہ مقررہ تاریخ پر عدالت میں حاضر ہو کر جواب دعویٰ داخل کرے بصورت دیگر کارروائی یکطرفہ عمل میں لائی جائے گی۔ جملہ متعلقہ فریقین کو مطلع کیا جاتا ہے کہ وہ اصالتاً یا وکالتاً حاضر ہوں۔ عدالت میں دعویٰ دائر کیا گیا ہے جس میں مدعی نے موقف اختیار کیا کہ فریق ثانی کو بذریعہ اشتہار اطلاع دی جاتی ہے کہ وہ مقررہ تاریخ پر عدالت میں حاضر ہو کر جواب دعویٰ داخل کرے بصورت دیگر کارروائی یکطرفہ عمل میں لائی جائے گی۔ جملہ متعلقہ فریقین کو مطلع کیا جاتا ہے کہ وہ اصالتاً یا وکالتاً حاضر ہوں۔ عدالت میں دعویٰ دائر کیا گیا ہے جس میں مدعی نے موقف اختیار کیا کہ فریق ثانی کو بذریعہ اشتہار اطلاع دی جاتی ہے کہ وہ مقررہ تاریخ پر عدالت میں حاضر ہو کر جواب دعویٰ داخل کرے بصورت دیگر کارروائی یکطرفہ عمل میں لائی جائے گی۔ جملہ متعلقہ فریقین کو مطلع کیا جاتا ہے کہ وہ اصالتاً یا وکالتاً حاضر ہوں۔ عدالت میں

31
نیچ

عدالت میں دعویٰ دائر کیا گیا ہے جس میں مدعی نے موقف اختیار کیا کہ فریق ثانی کو بذریعہ اشتہار اطلاع دی جاتی ہے کہ وہ مقررہ تاریخ پر عدالت میں حاضر ہو کر

بعدالت جناب اعجاز احمد صاحب نائب تحصیلدار اسسٹنٹ کلکٹر درجہ اول جہلم
درخواست برائے تقسیم اراضی کھیوٹ نمبر 135 موضع جہلم بنام محمد یاسین وغیرہ۔ ہرگاہ کہ مسئول علیہم کی تعمیل بطریق معمول نہیں ہو رہی لہذا بذریعہ اشتہار اطلاع دی جاتی ہے کہ مورخہ
22-7-2025
مہر عدالت — دستخط حاکم
32
نیچ

عدالت میں دعویٰ دائر کیا گیا ہے جس میں مدعی نے موقف اختیار کیا کہ فریق ثانی کو بذریعہ اشتہار اطلاع دی جاتی ہے کہ وہ مقررہ تاریخ پر عدالت میں حاضر ہو کر جواب دعویٰ داخل کرے بصورت دیگر کارروائی یکطرفہ عمل میں لائی جائے گی۔ جملہ متعلقہ فریقین کو مطلع کیا جاتا ہے کہ وہ اصالتاً یا وکالتاً حاضر ہوں۔ عدالت میں دعویٰ دائر کیا گیا ہے جس میں مدعی نے موقف اختیار کیا کہ فریق ثانی کو بذریعہ اشتہار اطلاع دی جاتی ہے کہ وہ مقررہ تاریخ پر عدالت میں حاضر ہو کر جواب دعویٰ داخل کرے بصورت دیگر کارروائی یکطرفہ عمل میں لائی جائے گی۔ جملہ متعلقہ فریقین کو مطلع کیا جاتا ہے کہ وہ اصالتاً یا وکالتاً حاضر ہوں۔ عدالت میں دعویٰ دائر کیا گیا ہے جس میں مدعی نے موقف اختیار کیا کہ فریق ثانی کو بذریعہ اشتہار اطلاع دی جاتی ہے کہ وہ مقررہ تاریخ پر عدالت میں حاضر ہو کر جواب دعویٰ داخل کرے بصورت دیگر کارروائی یکطرفہ عمل میں لائی جائے گی۔ جملہ متعلقہ فریقین کو مطلع کیا جاتا ہے کہ وہ اصالتاً یا وکالتاً حاضر ہوں۔ عدالت میں دعویٰ دائر کیا گیا ہے جس میں مدعی نے موقف اختیار کیا کہ فریق ثانی کو بذریعہ اشتہار اطلاع دی جاتی ہے کہ وہ مقررہ تاریخ پر عدالت میں حاضر ہو کر جواب دعویٰ داخل کرے بصورت دیگر کارروائی یکطرفہ عمل میں لائی جائے گی۔ جملہ متعلقہ فریقین کو مطلع کیا جاتا ہے کہ وہ اصالتاً یا وکالتاً حاضر ہوں۔ عدالت میں دعویٰ دائر کیا گیا ہے جس میں مدعی نے موقف اختیار کیا کہ فریق ثانی کو بذریعہ اشتہار اطلاع دی جاتی ہے کہ وہ مقررہ تاریخ پر عدالت میں حاضر ہو کر جواب

33
نیچ

عدالت میں دعویٰ دائر کیا گیا ہے جس میں مدعی نے موقف اختیار کیا کہ فریق ثانی کو بذریعہ اشتہار اطلاع دی جاتی ہے کہ وہ مقررہ تاریخ پر عدالت میں حاضر ہو کر جواب دعویٰ داخل کرے بصورت دیگر کارروائی یکطرفہ عمل میں لائی جائے گی۔ جملہ متعلقہ فریقین کو مطلع کیا جاتا ہے کہ وہ اصالتاً یا وکالتاً حاضر ہوں۔ عدالت میں دعویٰ دائر کیا گیا ہے جس میں مدعی نے موقف اختیار کیا کہ فریق ثانی کو بذریعہ اشتہار اطلاع دی جاتی ہے کہ وہ مقررہ تاریخ پر عدالت میں حاضر ہو کر جواب دعویٰ داخل کرے بصورت دیگر کارروائی یکطرفہ عمل میں لائی جائے گی۔ جملہ متعلقہ فریقین کو مطلع کیا جاتا ہے کہ وہ اصالتاً یا وکالتاً حاضر ہوں۔ عدالت میں دعویٰ دائر کیا گیا ہے جس میں مدعی نے موقف اختیار کیا کہ فریق ثانی کو بذریعہ اشتہار اطلاع دی جاتی ہے کہ وہ مقررہ تاریخ پر عدالت میں حاضر ہو کر جواب

بعدالت جناب میڈم صائمہ یعقوب صاحبہ سول جج وزیر آباد
عنوان مقدمہ نمبر 376 زیر دفعہ بنام وغیرہ۔ مقدمہ مندرجہ عنوان بالا میں فریق کی تعمیل بطریق معمول نہ ہو سکی ہے لہذا بذریعہ اشتہار مطلع کیا جاتا ہے کہ مورخہ
19-07-2025
مہر عدالت — دستخط حاکم
عدنان اشرف سب رجسٹرار پنڈ دادنخان ضلع جہلم
عنوان درخواست زیر دفعہ متعلقہ رجسٹری نمبر 261 مورخہ 17/11/2011 کو بذریعہ اشتہار مطلع کیا جاتا ہے کہ حاضر ہو کر اپنا موقف پیش کریں بصورت دیگر کارروائی عمل میں لائی جائے گی۔
21/7/25
مہر عدالت — دستخط
بعدالت جناب اعجاز احمد صاحب نائب تحصیلدار اسسٹنٹ کلکٹر درجہ اول جہلم
درخواست برائے تقسیم اراضی کھیوٹ نمبر 135 موضع بنام وغیرہ۔ ہرگاہ کہ فریقین کی تعمیل بطریق معمول نہیں ہو رہی لہذا بذریعہ اشتہار اطلاع دی جاتی ہے کہ مورخہ
22-7-2025
مہر عدالت — دستخط حاکم
34
نیچ

عدالت میں دعویٰ دائر کیا گیا ہے جس میں مدعی نے موقف اختیار کیا کہ فریق ثانی کو بذریعہ اشتہار اطلاع دی جاتی ہے کہ وہ مقررہ تاریخ پر عدالت میں حاضر ہو کر جواب دعویٰ داخل کرے بصورت دیگر کارروائی یکطرفہ عمل میں لائی جائے گی۔ جملہ متعلقہ فریقین کو مطلع کیا جاتا ہے کہ وہ اصالتاً یا وکالتاً حاضر ہوں۔ عدالت میں دعویٰ

35
نیچ

عدالت میں دعویٰ دائر کیا گیا ہے جس میں مدعی نے موقف اختیار کیا کہ فریق ثانی کو بذریعہ اشتہار اطلاع دی جاتی ہے کہ وہ مقررہ تاریخ پر عدالت میں حاضر ہو کر جواب دعویٰ داخل کرے بصورت دیگر کارروائی یکطرفہ عمل میں لائی جائے گی۔ جملہ متعلقہ فریقین کو مطلع کیا جاتا ہے کہ وہ اصالتاً یا وکالتاً حاضر ہوں۔ عدالت میں دعویٰ دائر کیا گیا ہے جس میں مدعی نے موقف اختیار کیا کہ فریق ثانی کو بذریعہ اشتہار اطلاع دی جاتی ہے کہ وہ مقررہ تاریخ پر عدالت میں حاضر ہو کر جواب دعویٰ داخل کرے بصورت دیگر کارروائی یکطرفہ عمل میں لائی جائے گی۔ جملہ متعلقہ فریقین کو مطلع کیا جاتا ہے کہ وہ اصالتاً یا وکالتاً حاضر ہوں۔ عدالت میں دعویٰ دائر کیا گیا ہے جس میں مدعی نے موقف اختیار کیا کہ فریق ثانی کو بذریعہ اشتہار اطلاع دی جاتی ہے کہ وہ

36
نیچ

عدالت میں دعویٰ دائر کیا گیا ہے جس میں مدعی نے موقف اختیار کیا کہ فریق ثانی کو بذریعہ اشتہار اطلاع دی جاتی ہے کہ وہ مقررہ تاریخ پر عدالت میں حاضر ہو کر جواب دعویٰ داخل کرے بصورت دیگر کارروائی یکطرفہ عمل میں لائی جائے گی۔ جملہ متعلقہ فریقین کو مطلع کیا جاتا ہے کہ وہ اصالتاً یا وکالتاً حاضر ہوں۔ عدالت میں دعویٰ دائر کیا گیا ہے جس میں مدعی نے موقف اختیار کیا کہ فریق ثانی کو بذریعہ اشتہار اطلاع دی جاتی ہے کہ وہ مقررہ تاریخ پر عدالت میں حاضر ہو کر جواب دعویٰ داخل کرے بصورت دیگر کارروائی یکطرفہ عمل میں لائی جائے گی۔ جملہ متعلقہ فریقین کو مطلع کیا جاتا ہے کہ وہ اصالتاً یا وکالتاً حاضر ہوں۔ عدالت میں دعویٰ دائر کیا گیا ہے جس میں مدعی نے موقف اختیار کیا کہ فریق ثانی کو بذریعہ اشتہار اطلاع دی جاتی ہے کہ وہ مقررہ تاریخ پر عدالت میں حاضر ہو کر جواب دعویٰ داخل کرے بصورت دیگر کارروائی یکطرفہ عمل میں لائی جائے گی۔ جملہ متعلقہ فریقین کو مطلع کیا جاتا ہے کہ وہ

37
نیچ

عدالت میں دعویٰ دائر کیا گیا ہے جس میں مدعی نے موقف اختیار کیا کہ فریق ثانی کو بذریعہ اشتہار اطلاع دی جاتی ہے کہ وہ مقررہ تاریخ پر عدالت میں حاضر ہو کر جواب دعویٰ داخل کرے بصورت دیگر کارروائی یکطرفہ عمل میں لائی جائے گی۔ جملہ متعلقہ فریقین کو مطلع کیا جاتا ہے کہ وہ اصالتاً یا وکالتاً حاضر ہوں۔ عدالت میں دعویٰ دائر کیا گیا ہے جس میں مدعی نے موقف اختیار کیا کہ فریق ثانی کو بذریعہ اشتہار اطلاع دی جاتی ہے کہ وہ مقررہ تاریخ پر عدالت میں حاضر ہو کر جواب دعویٰ داخل کرے بصورت دیگر کارروائی یکطرفہ عمل میں لائی جائے گی۔ جملہ متعلقہ فریقین کو مطلع کیا جاتا ہے کہ وہ اصالتاً یا وکالتاً حاضر ہوں۔ عدالت میں دعویٰ دائر کیا گیا ہے جس میں مدعی نے موقف اختیار کیا کہ فریق ثانی کو بذریعہ اشتہار اطلاع دی جاتی ہے کہ وہ مقررہ تاریخ پر عدالت میں حاضر ہو کر جواب دعویٰ داخل کرے بصورت دیگر کارروائی

38
نیچ

عدالت میں دعویٰ دائر کیا گیا ہے جس میں مدعی نے موقف اختیار کیا کہ فریق ثانی کو بذریعہ اشتہار اطلاع دی جاتی ہے کہ وہ مقررہ تاریخ پر عدالت میں حاضر ہو کر جواب دعویٰ داخل کرے بصورت دیگر کارروائی یکطرفہ عمل میں لائی جائے گی۔ جملہ متعلقہ فریقین کو مطلع کیا جاتا ہے کہ وہ اصالتاً یا وکالتاً حاضر ہوں۔ عدالت میں دعویٰ

39
نیچ

عدالت میں دعویٰ دائر کیا گیا ہے جس میں مدعی نے موقف اختیار کیا کہ فریق ثانی کو بذریعہ اشتہار اطلاع دی جاتی ہے کہ وہ مقررہ تاریخ پر عدالت میں حاضر ہو کر جواب دعویٰ داخل کرے بصورت دیگر کارروائی یکطرفہ عمل میں لائی جائے گی۔ جملہ متعلقہ فریقین کو مطلع کیا جاتا ہے کہ وہ اصالتاً یا وکالتاً حاضر ہوں۔ عدالت میں دعویٰ دائر کیا گیا ہے جس میں مدعی نے موقف اختیار کیا کہ فریق ثانی کو بذریعہ اشتہار اطلاع دی جاتی ہے کہ وہ مقررہ تاریخ پر عدالت میں حاضر ہو کر جواب دعویٰ داخل

40
نیچ

عدالت میں دعویٰ دائر کیا گیا ہے جس میں مدعی نے موقف اختیار کیا کہ فریق ثانی کو بذریعہ اشتہار اطلاع دی جاتی ہے کہ وہ مقررہ تاریخ پر عدالت میں حاضر ہو کر جواب دعویٰ داخل کرے بصورت دیگر کارروائی یکطرفہ عمل میں لائی جائے گی۔ جملہ متعلقہ فریقین کو مطلع کیا جاتا ہے کہ وہ اصالتاً یا وکالتاً حاضر ہوں۔ عدالت میں دعویٰ

بعدالت جناب محترم حاجی فرقان سرور صاحب سول جج ضلع شیخوپورہ
دعویٰ استقرار حق مع حکم امتناعی دائمی عنوان مقدمہ بنام وغیرہ۔ مدعا علیہان کی تعمیل بطریق معمول نہ ہو سکی ہے لہذا بذریعہ اشتہار اخبار مطلع کیا جاتا ہے کہ مورخہ
22-07-2025
مہر عدالت — دستخط حاکم
بعدالت جناب اعجاز احمد صاحب نائب تحصیلدار اسسٹنٹ کلکٹر درجہ اول جہلم
درخواست برائے تقسیم اراضی کھیوٹ نمبر 135 موضع جہلم بنام محمد یاسین وغیرہ۔ لہذا بذریعہ اشتہار اطلاع دی جاتی ہے کہ مورخہ
22-7-2025
مہر عدالت — دستخط حاکم
بعدالت جناب طلعت جاوید صاحب سول جج درجہ اول لاہور
LDA بلڈنگ ایوان عدل لاہور۔ درخواست منجانب بنام وغیرہ۔ مدعا علیہ کی تعمیل بطریق معمول نہ ہو سکی لہذا بذریعہ اشتہار مطلع کیا جاتا ہے کہ مورخہ
22-7-2025
مہر عدالت 837 — دستخط حاکم
41
نیچ

عدالت میں دعویٰ دائر کیا گیا ہے جس میں مدعی نے موقف اختیار کیا کہ فریق ثانی کو بذریعہ اشتہار اطلاع دی جاتی ہے کہ وہ مقررہ تاریخ پر عدالت میں حاضر ہو کر جواب دعویٰ داخل کرے بصورت دیگر کارروائی یکطرفہ عمل میں لائی جائے گی۔ جملہ متعلقہ فریقین کو مطلع کیا جاتا ہے کہ وہ اصالتاً یا وکالتاً حاضر ہوں۔ عدالت میں دعویٰ دائر کیا گیا ہے جس میں مدعی نے موقف اختیار کیا کہ فریق ثانی کو بذریعہ اشتہار اطلاع دی جاتی ہے کہ وہ مقررہ تاریخ پر عدالت میں حاضر ہو کر جواب

42
نیچ

عدالت میں دعویٰ دائر کیا گیا ہے جس میں مدعی نے موقف اختیار کیا کہ فریق ثانی کو

43
نیچ

عدالت میں دعویٰ دائر کیا گیا ہے جس میں مدعی نے موقف اختیار کیا کہ فریق ثانی کو بذریعہ اشتہار اطلاع دی جاتی ہے کہ وہ مقررہ تاریخ پر عدالت میں حاضر ہو کر جواب دعویٰ داخل کرے بصورت دیگر کارروائی یکطرفہ عمل میں لائی جائے گی۔ جملہ متعلقہ فریقین کو مطلع کیا جاتا ہے کہ وہ اصالتاً یا وکالتاً حاضر ہوں۔ عدالت میں دعویٰ دائر کیا گیا ہے جس میں مدعی نے موقف اختیار کیا کہ فریق ثانی کو بذریعہ اشتہار اطلاع دی جاتی ہے کہ وہ مقررہ تاریخ پر عدالت میں حاضر ہو کر جواب دعویٰ داخل کرے بصورت دیگر کارروائی یکطرفہ عمل میں لائی جائے گی۔ جملہ

44
نیچ

عدالت میں دعویٰ دائر کیا گیا ہے جس میں مدعی نے موقف اختیار کیا کہ فریق ثانی کو بذریعہ اشتہار اطلاع دی جاتی ہے کہ وہ مقررہ تاریخ پر عدالت میں حاضر ہو کر جواب دعویٰ داخل کرے بصورت دیگر کارروائی یکطرفہ عمل میں لائی جائے گی۔ جملہ متعلقہ فریقین کو مطلع کیا جاتا ہے کہ وہ اصالتاً یا وکالتاً حاضر ہوں۔ عدالت میں دعویٰ دائر کیا گیا ہے جس میں مدعی نے موقف اختیار کیا کہ فریق ثانی کو بذریعہ اشتہار اطلاع دی جاتی ہے کہ وہ مقررہ تاریخ پر عدالت میں حاضر ہو کر جواب دعویٰ داخل کرے بصورت دیگر کارروائی یکطرفہ عمل میں لائی جائے گی۔ جملہ متعلقہ فریقین کو مطلع کیا جاتا ہے کہ وہ اصالتاً یا وکالتاً حاضر ہوں۔ عدالت میں دعویٰ دائر کیا گیا ہے جس میں مدعی نے موقف اختیار کیا کہ فریق ثانی کو بذریعہ

45
نیچ

عدالت میں دعویٰ دائر کیا گیا ہے جس میں مدعی نے موقف اختیار کیا کہ فریق ثانی کو بذریعہ اشتہار اطلاع دی جاتی ہے کہ وہ مقررہ تاریخ پر عدالت میں حاضر ہو کر جواب دعویٰ داخل کرے بصورت دیگر کارروائی یکطرفہ عمل میں لائی جائے گی۔ جملہ متعلقہ فریقین کو مطلع کیا جاتا ہے کہ وہ اصالتاً یا وکالتاً حاضر ہوں۔ عدالت میں دعویٰ دائر کیا گیا ہے جس میں مدعی نے موقف اختیار کیا کہ فریق ثانی کو بذریعہ اشتہار اطلاع دی جاتی ہے کہ وہ مقررہ تاریخ پر عدالت میں حاضر ہو کر جواب دعویٰ داخل کرے بصورت دیگر کارروائی یکطرفہ عمل میں لائی جائے گی۔ جملہ متعلقہ فریقین کو مطلع کیا جاتا ہے کہ وہ اصالتاً یا وکالتاً حاضر ہوں۔ عدالت میں

46
نیچ

عدالت میں دعویٰ دائر کیا گیا ہے جس میں مدعی نے موقف اختیار کیا کہ فریق ثانی کو بذریعہ اشتہار اطلاع دی جاتی ہے کہ وہ مقررہ تاریخ پر عدالت میں حاضر ہو کر جواب دعویٰ داخل کرے بصورت دیگر کارروائی یکطرفہ عمل میں لائی جائے گی۔ جملہ متعلقہ فریقین کو مطلع کیا جاتا ہے کہ وہ اصالتاً یا وکالتاً حاضر ہوں۔ عدالت میں دعویٰ دائر کیا گیا ہے جس میں مدعی نے موقف اختیار کیا کہ فریق ثانی کو بذریعہ اشتہار اطلاع دی جاتی ہے کہ وہ مقررہ تاریخ پر عدالت میں حاضر ہو کر جواب

47
نیچ

عدالت میں دعویٰ دائر کیا گیا ہے جس میں مدعی نے موقف اختیار کیا کہ فریق ثانی کو بذریعہ اشتہار اطلاع دی جاتی ہے کہ وہ مقررہ تاریخ پر عدالت میں حاضر ہو کر جواب دعویٰ داخل کرے بصورت دیگر کارروائی یکطرفہ عمل میں لائی جائے گی۔ جملہ متعلقہ فریقین کو مطلع کیا جاتا ہے کہ وہ اصالتاً یا وکالتاً حاضر ہوں۔ عدالت میں

بعدالت جناب عابد حسین صاحب سول جج فیملی کورٹ جوہر آباد ضلع خوشاب
عنوان دعویٰ مسماۃ بنام وغیرہ۔ دعویٰ تنسیخ نکاح بوجہ خلع۔ مدعا علیہ کی تعمیل بطریق معمول نہ ہو سکی ہے لہذا بذریعہ اشتہار مطلع کیا جاتا ہے کہ مورخہ
22-07-2025
مہر عدالت — دستخط حاکم
بعدالت جناب اعجاز احمد صاحب نائب تحصیلدار اسسٹنٹ کلکٹر درجہ اول جہلم
درخواست برائے تقسیم اراضی کھیوٹ نمبر 135 موضع بنام وغیرہ۔ ہرگاہ کہ تعمیل بطریق معمول نہیں ہو رہی لہذا بذریعہ اشتہار اطلاع دی جاتی ہے کہ مورخہ
22-7-2025
مہر عدالت — دستخط حاکم
بعدالت جناب حسن اکمل قریشی صاحب ایڈیشنل ڈسٹرکٹ اینڈ سیشن جج رحیم یار خان
دعویٰ NILL مورخہ 17-04-2025 بنام وغیرہ۔ مدعا علیہ کی تعمیل بطریق معمول نہ ہو سکی لہذا بذریعہ اشتہار مطلع کیا جاتا ہے کہ مورخہ
12-8-2025
مہر عدالت — دستخط حاکم
